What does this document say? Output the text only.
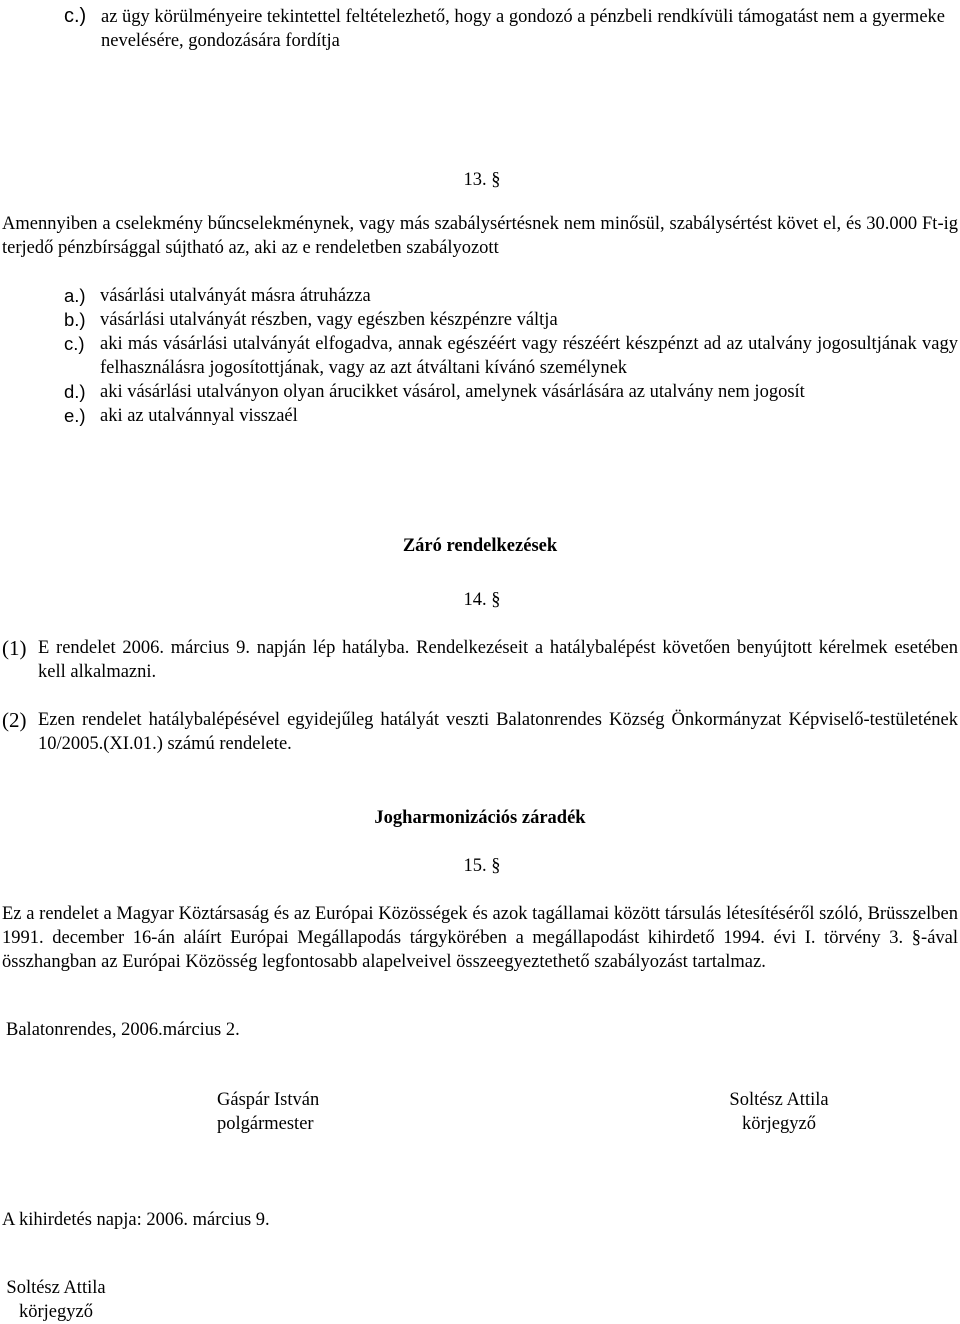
c.) az ügy körülményeire tekintettel feltételezhető, hogy a gondozó a pénzbeli rendkívüli támogatást nem a gyermeke nevelésére, gondozására fordítja
13. §
Amennyiben a cselekmény bűncselekménynek, vagy más szabálysértésnek nem minősül, szabálysértést követ el, és 30.000 Ft-ig terjedő pénzbírsággal sújtható az, aki az e rendeletben szabályozott
a.) vásárlási utalványát másra átruházza
b.) vásárlási utalványát részben, vagy egészben készpénzre váltja
c.) aki más vásárlási utalványát elfogadva, annak egészéért vagy részéért készpénzt ad az utalvány jogosultjának vagy felhasználásra jogosítottjának, vagy az azt átváltani kívánó személynek
d.) aki vásárlási utalványon olyan árucikket vásárol, amelynek vásárlására az utalvány nem jogosít
e.) aki az utalvánnyal visszaél
Záró rendelkezések
14. §
(1) E rendelet 2006. március 9. napján lép hatályba. Rendelkezéseit a hatálybalépést követően benyújtott kérelmek esetében kell alkalmazni.
(2) Ezen rendelet hatálybalépésével egyidejűleg hatályát veszti Balatonrendes Község Önkormányzat Képviselő-testületének 10/2005.(XI.01.) számú rendelete.
Jogharmonizációs záradék
15. §
Ez a rendelet a Magyar Köztársaság és az Európai Közösségek és azok tagállamai között társulás létesítéséről szóló, Brüsszelben 1991. december 16-án aláírt Európai Megállapodás tárgykörében a megállapodást kihirdető 1994. évi I. törvény 3. §-ával összhangban az Európai Közösség legfontosabb alapelveivel összeegyeztethető szabályozást tartalmaz.
Balatonrendes, 2006.március 2.
Gáspár István
polgármester
Soltész Attila
körjegyző
A kihirdetés napja: 2006. március 9.
Soltész Attila
körjegyző
